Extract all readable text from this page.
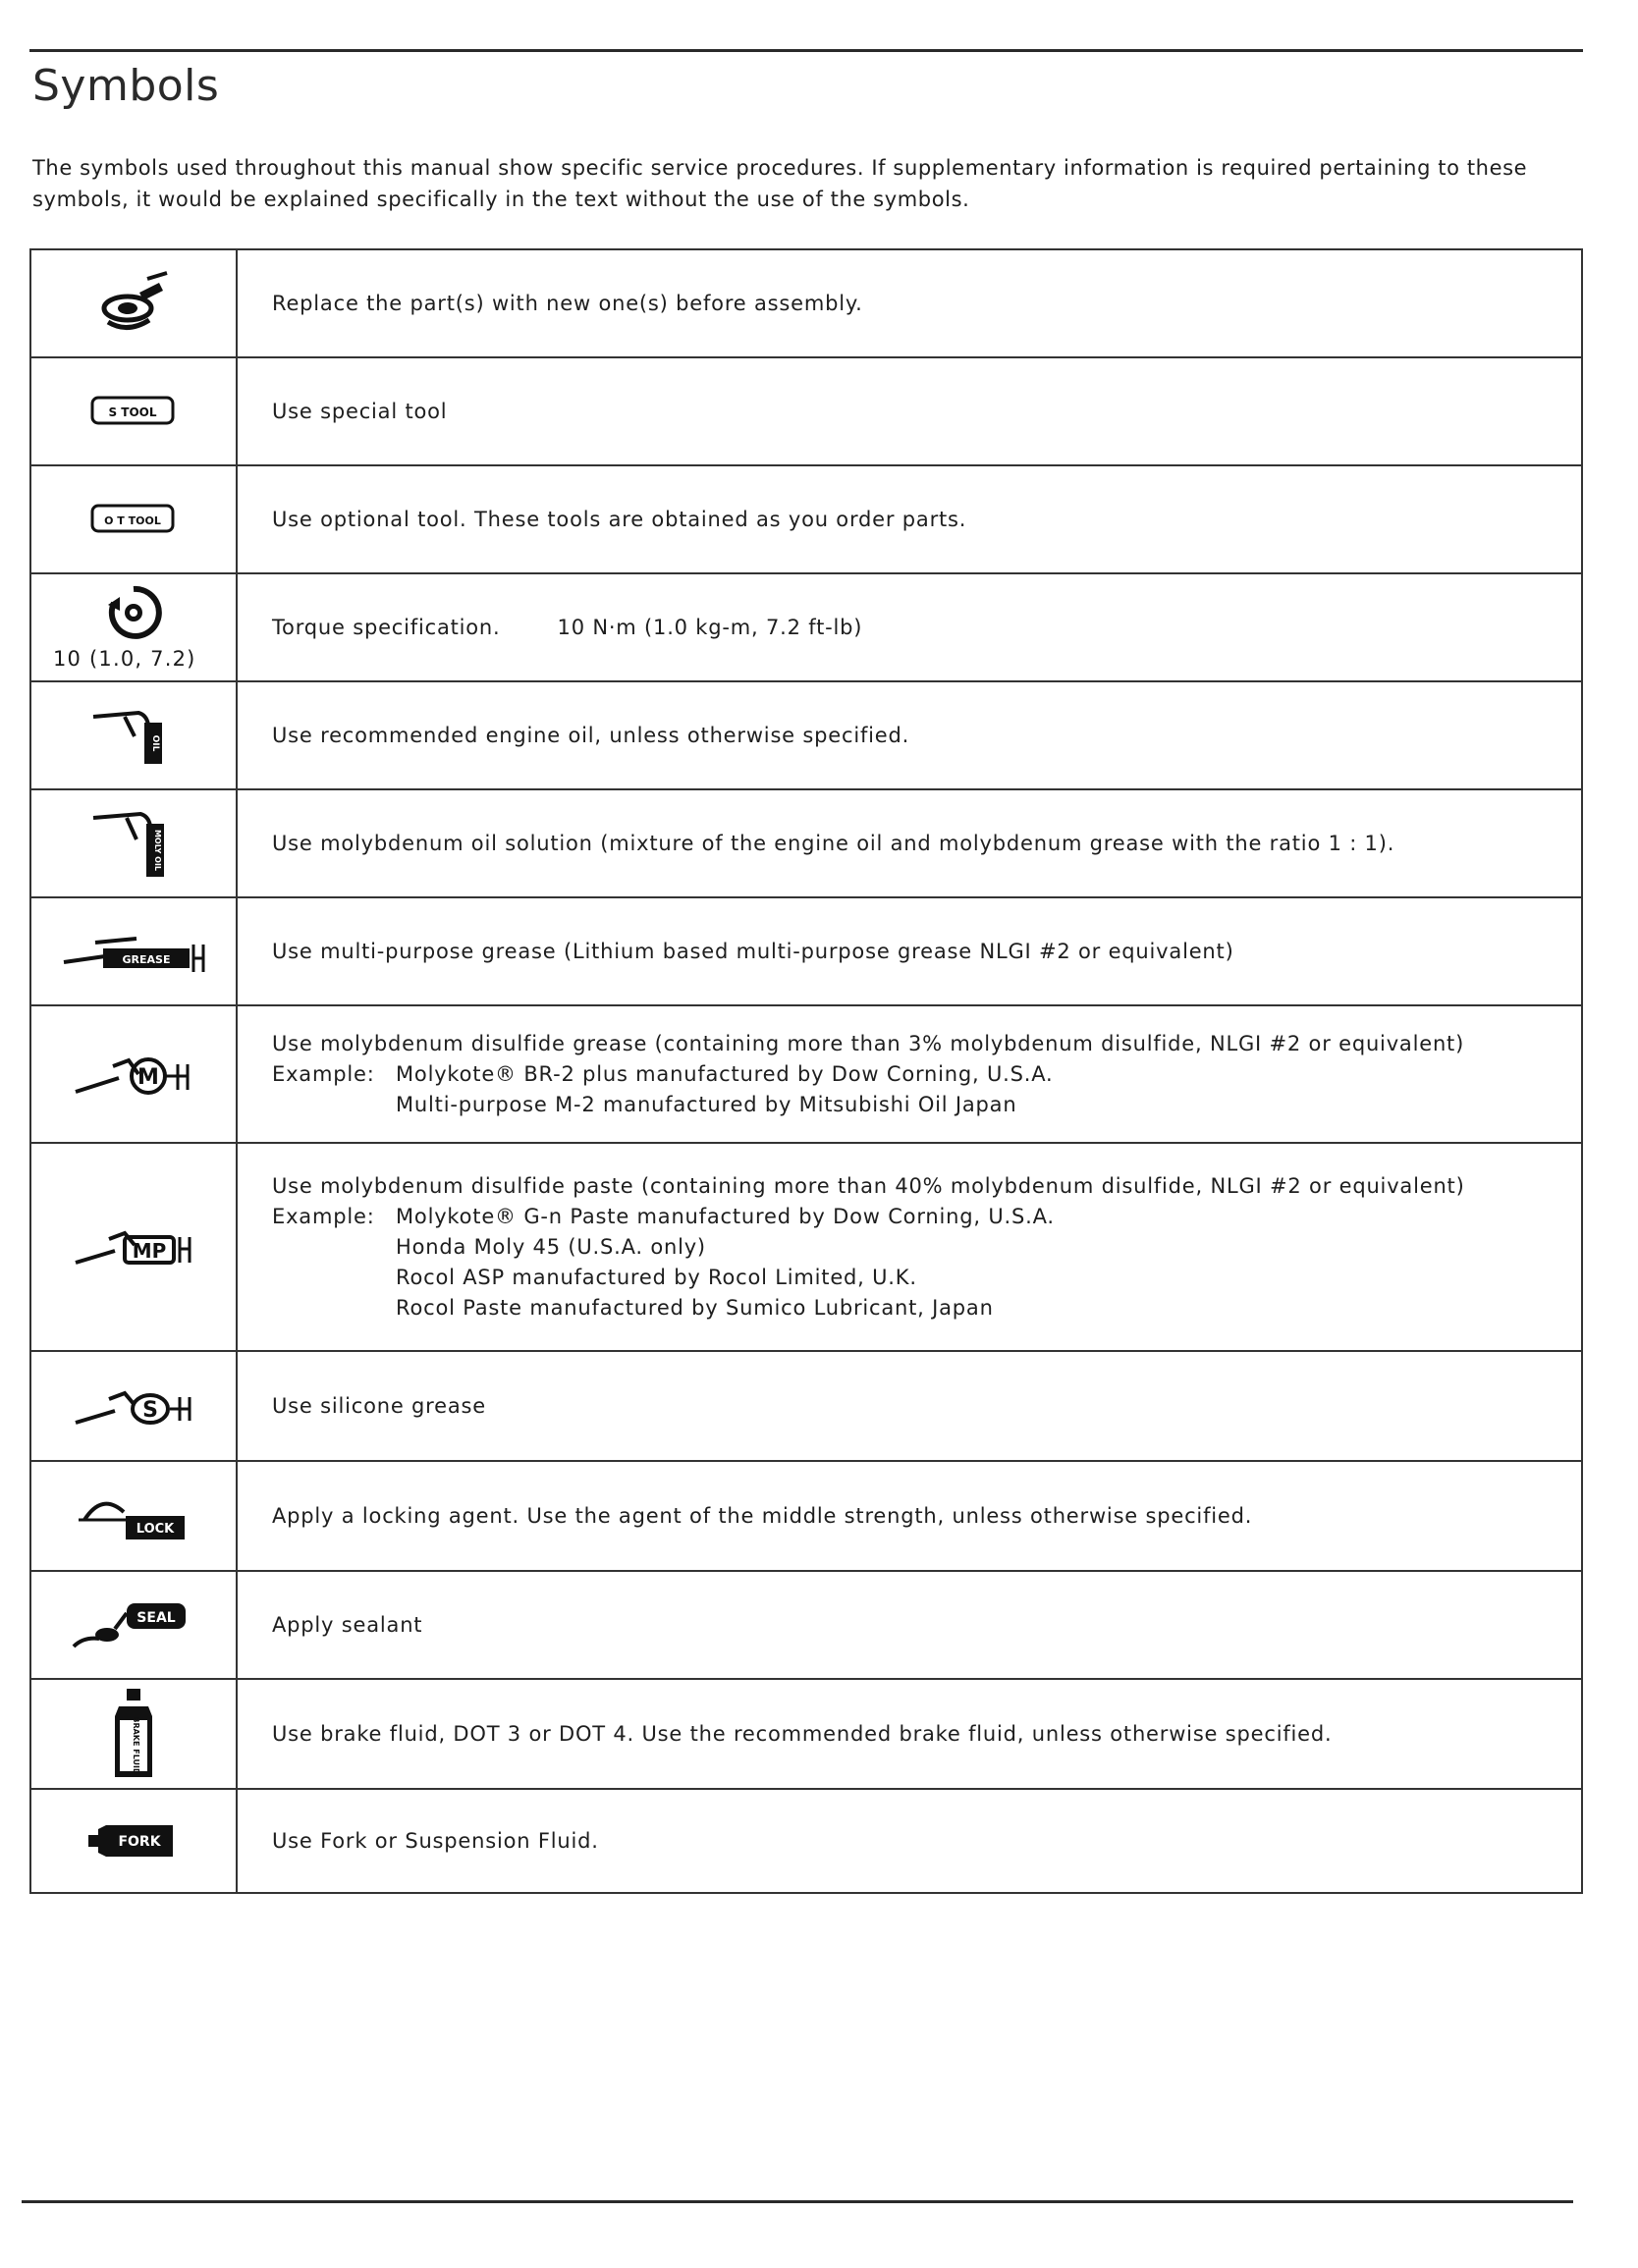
Symbols
The symbols used throughout this manual show specific service procedures. If supplementary information is required pertaining to these symbols, it would be explained specifically in the text without the use of the symbols.
	Replace the part(s) with new one(s) before assembly.

S TOOL	Use special tool

O T TOOL	Use optional tool. These tools are obtained as you order parts.

10 (1.0, 7.2)	Torque specification. 10 N·m (1.0 kg-m, 7.2 ft-lb)

OIL	Use recommended engine oil, unless otherwise specified.

MOLY OIL	Use molybdenum oil solution (mixture of the engine oil and molybdenum grease with the ratio 1 : 1).

GREASE	Use multi-purpose grease (Lithium based multi-purpose grease NLGI #2 or equivalent)

M	Use molybdenum disulfide grease (containing more than 3% molybdenum disulfide, NLGI #2 or equivalent)
Example: Molykote® BR-2 plus manufactured by Dow Corning, U.S.A.
Multi-purpose M-2 manufactured by Mitsubishi Oil Japan

MP	Use molybdenum disulfide paste (containing more than 40% molybdenum disulfide, NLGI #2 or equivalent)
Example: Molykote® G-n Paste manufactured by Dow Corning, U.S.A.
Honda Moly 45 (U.S.A. only)
Rocol ASP manufactured by Rocol Limited, U.K.
Rocol Paste manufactured by Sumico Lubricant, Japan

S	Use silicone grease

LOCK	Apply a locking agent. Use the agent of the middle strength, unless otherwise specified.

SEAL	Apply sealant

BRAKE FLUID	Use brake fluid, DOT 3 or DOT 4. Use the recommended brake fluid, unless otherwise specified.

FORK	Use Fork or Suspension Fluid.
